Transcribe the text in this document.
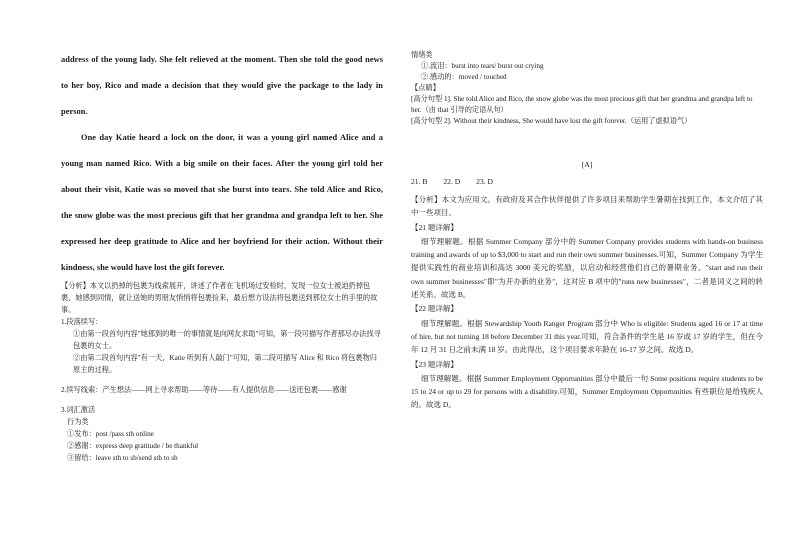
address of the young lady. She felt relieved at the moment. Then she told the good news to her boy, Rico and made a decision that they would give the package to the lady in person.

One day Katie heard a lock on the door, it was a young girl named Alice and a young man named Rico. With a big smile on their faces. After the young girl told her about their visit, Katie was so moved that she burst into tears. She told Alice and Rico, the snow globe was the most precious gift that her grandma and grandpa left to her. She expressed her deep gratitude to Alice and her boyfriend for their action. Without their kindness, she would have lost the gift forever.

【分析】本文以扔掉的包裹为线索展开，讲述了作者在飞机场过安检时，发现一位女士被迫扔掉包裹，她感到同情，就让送她的男朋友悄悄将包裹捡来，最后想方设法将包裹送到那位女士的手里的故事。
1.段落续写：
①由第一段首句内容"她那到的唯一的事情就是向网友求助"可知，第一段可描写作者那尽办法找寻包裹的女士。
②由第二段首句内容"有一天，Katie 听到有人敲门"可知，第二段可描写 Alice 和 Rico 将包裹物归原主的过程。
2.续写线索：产生想法——网上寻求帮助——等待——有人提供信息——送还包裹——感谢
3.词汇激活
行为类
①发布：post /pass sth online
②感谢：express deep gratitude / be thankful
③留给：leave sth to sb/send sth to sb
情绪类
①.流泪：burst into tears/ burst out crying
②.感动的：moved / touched
【点睛】
[高分句型 1]. She told Alice and Rico, the snow globe was the most precious gift that her grandma and grandpa left to her.（由 that 引导的定语从句）
[高分句型 2]. Without their kindness, She would have lost the gift forever.（运用了虚拟语气）
[A]
21. B 22. D 23. D
【分析】本文为应用文。有政府及其合作伙伴提供了许多项目来帮助学生暑期在找到工作，本文介绍了其中一些项目。
【21 题详解】
细节理解题。根据 Summer Company 部分中的 Summer Company provides students with hands-on business training and awards of up to $3,000 to start and run their own summer businesses.可知，Summer Company 为学生提供实践性的商业培训和高达 3000 美元的奖励，以启动和经营他们自己的暑期业务。"start and run their own summer businesses"即"为开办新的业务"，这对应 B 项中的"runs new businesses"，二者是词义之间的转述关系。故选 B。
【22 题详解】
细节理解题。根据 Stewardship Youth Ranger Program 部分中 Who is eligible: Students aged 16 or 17 at time of hire, but not turning 18 before December 31 this year.可知，符合条件的学生是 16 岁或 17 岁的学生，但在今年 12 月 31 日之前未满 18 岁。由此得出，这个项目要求年龄在 16-17 岁之间。故选 D。
【23 题详解】
细节理解题。根据 Summer Employment Opportunities 部分中最后一句 Some positions require students to be 15 to 24 or up to 29 for persons with a disability.可知，Summer Employment Opportunities 有些职位是给残疾人的。故选 D。
